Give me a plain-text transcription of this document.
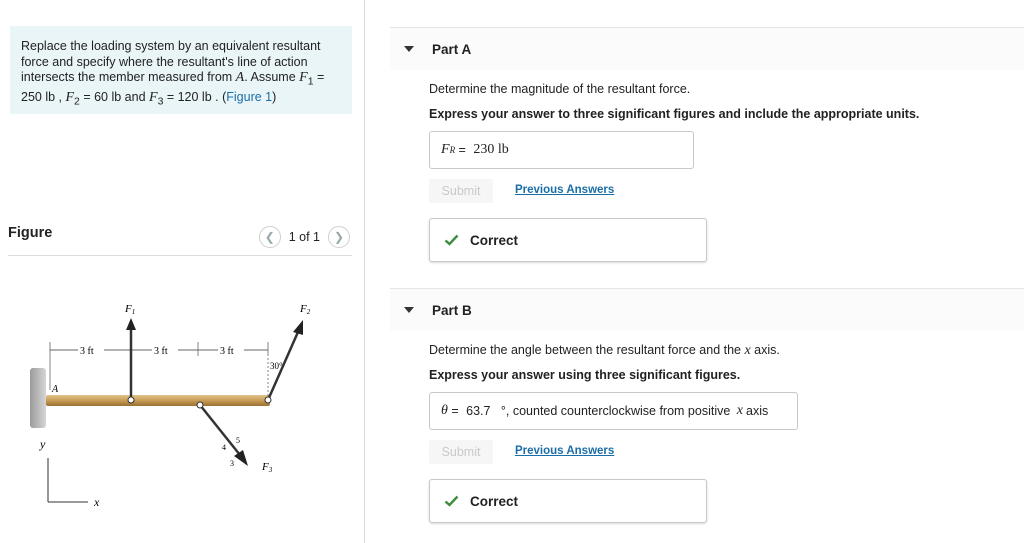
Replace the loading system by an equivalent resultant force and specify where the resultant's line of action intersects the member measured from A. Assume $F_1 = 250$ lb , $F_2 = 60$ lb and $F_3 = 120$ lb . (Figure 1)
Figure	❮ 1 of 1 ❯
3 ft	3 ft	3 ft
A
F1
30°
F2
4
5
3	F3
y
x
Part A
Determine the magnitude of the resultant force.
Express your answer to three significant figures and include the appropriate units.
F R = 230 lb
Submit	Previous Answers
Correct
Part B
Determine the angle between the resultant force and the x axis.
Express your answer using three significant figures.
θ = 63.7 °, counted counterclockwise from positive x axis
Submit	Previous Answers
Correct
